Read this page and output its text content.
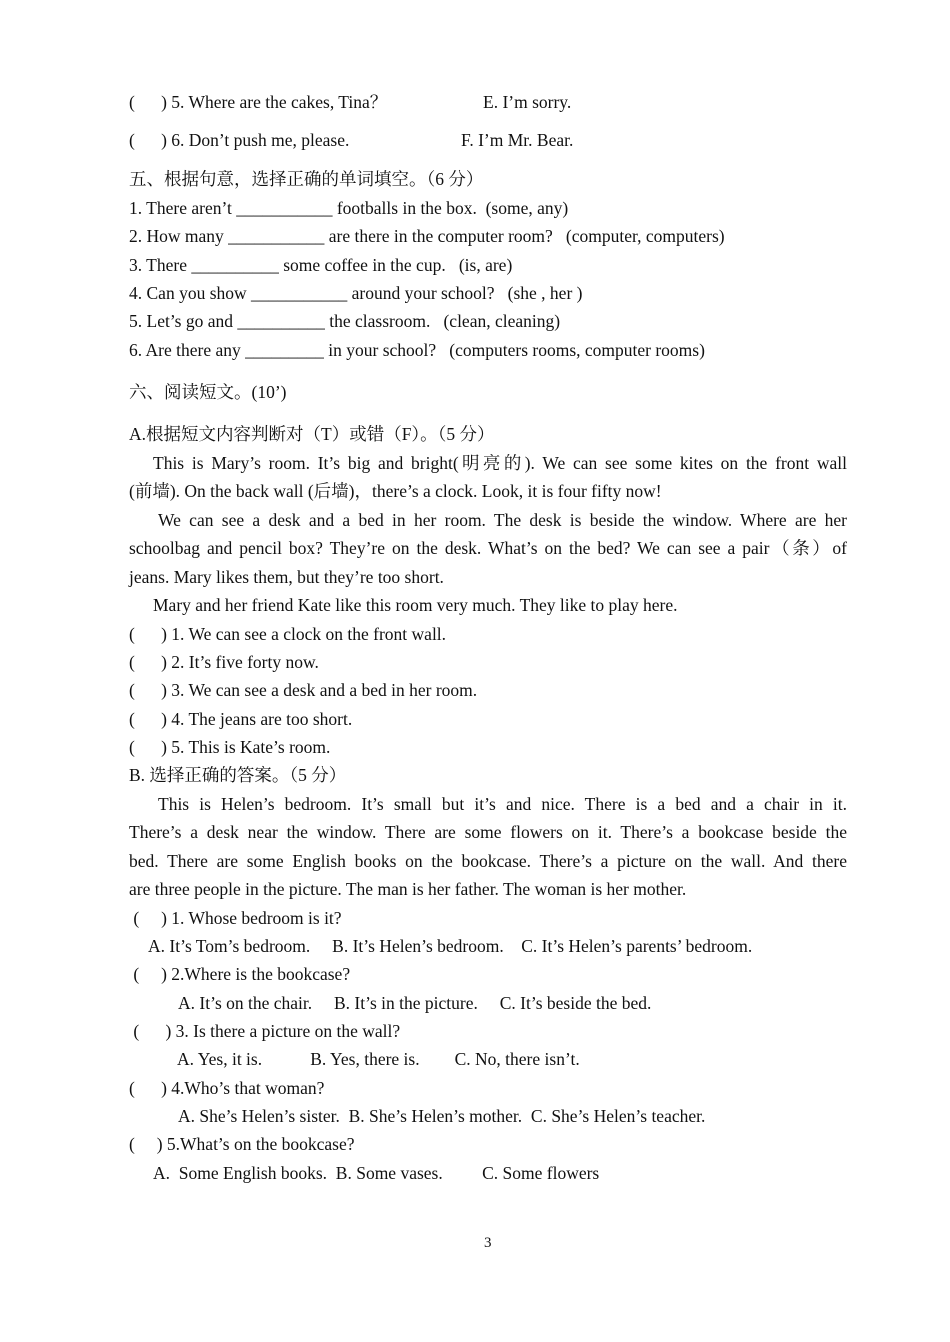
(      ) 5. Where are the cakes, Tina？	E. I’m sorry.
(      ) 6. Don’t push me, please.	F. I’m Mr. Bear.
五、根据句意，选择正确的单词填空。（6 分）
1. There aren’t ___________ footballs in the box.  (some, any)
2. How many ___________ are there in the computer room?   (computer, computers)
3. There __________ some coffee in the cup.   (is, are)
4. Can you show ___________ around your school?   (she , her )
5. Let’s go and __________ the classroom.   (clean, cleaning)
6. Are there any _________ in your school?   (computers rooms, computer rooms)
六、阅读短文。(10’)
A.根据短文内容判断对（T）或错（F）。（5 分）
This is Mary’s room. It’s big and bright(明亮的). We can see some kites on the front wall
(前墙). On the back wall (后墙)，there’s a clock. Look, it is four fifty now!
We can see a desk and a bed in her room. The desk is beside the window. Where are her
schoolbag and pencil box? They’re on the desk. What’s on the bed? We can see a pair（条）of
jeans. Mary likes them, but they’re too short.
Mary and her friend Kate like this room very much. They like to play here.
(      ) 1. We can see a clock on the front wall.
(      ) 2. It’s five forty now.
(      ) 3. We can see a desk and a bed in her room.
(      ) 4. The jeans are too short.
(      ) 5. This is Kate’s room.
B. 选择正确的答案。（5 分）
This is Helen’s bedroom. It’s small but it’s and nice. There is a bed and a chair in it.
There’s a desk near the window. There are some flowers on it. There’s a bookcase beside the
bed. There are some English books on the bookcase. There’s a picture on the wall. And there
are three people in the picture. The man is her father. The woman is her mother.
(     ) 1. Whose bedroom is it?
A. It’s Tom’s bedroom.     B. It’s Helen’s bedroom.    C. It’s Helen’s parents’ bedroom.
(     ) 2.Where is the bookcase?
A. It’s on the chair.     B. It’s in the picture.     C. It’s beside the bed.
(      ) 3. Is there a picture on the wall?
A. Yes, it is.           B. Yes, there is.        C. No, there isn’t.
(      ) 4.Who’s that woman?
A. She’s Helen’s sister.  B. She’s Helen’s mother.  C. She’s Helen’s teacher.
(     ) 5.What’s on the bookcase?
A.  Some English books.  B. Some vases.         C. Some flowers
3
